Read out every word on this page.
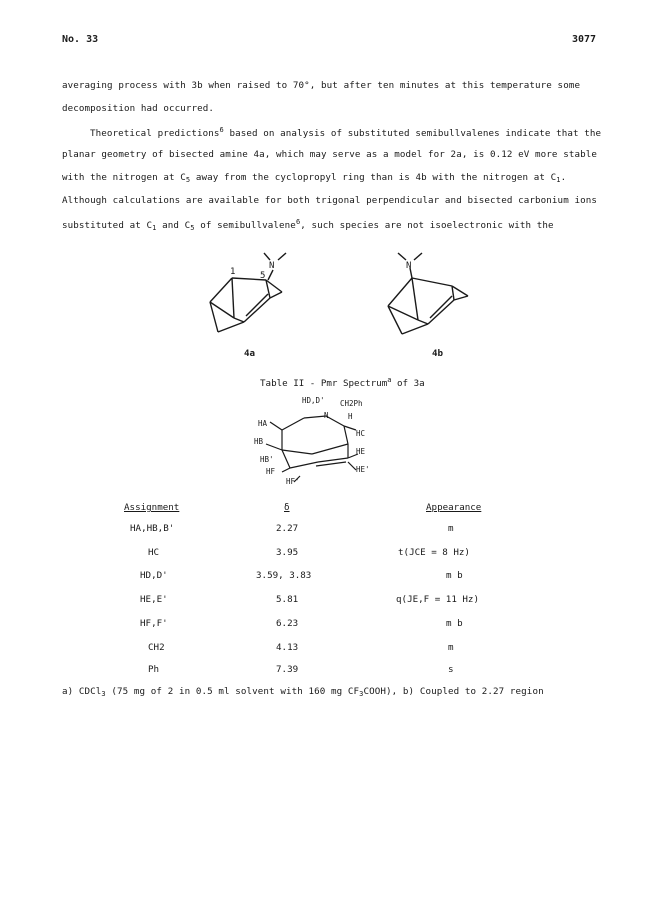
No. 33	3077
averaging process with 3b when raised to 70°, but after ten minutes at this temperature some
decomposition had occurred.
Theoretical predictions$^6$ based on analysis of substituted semibullvalenes indicate that the
planar geometry of bisected amine 4a, which may serve as a model for 2a, is 0.12 eV more stable
with the nitrogen at $C_5$ away from the cyclopropyl ring than is 4b with the nitrogen at $C_1$.
Although calculations are available for both trigonal perpendicular and bisected carbonium ions
substituted at $C_1$ and $C_5$ of semibullvalene$^6$, such species are not isoelectronic with the
N
1	5
4a
N
4b
Table II - Pmr Spectrum$^a$ of 3a
HD,D' CH2Ph
N	H
HA
HC
HB
HE
HB'
HE'
HF
HF'
Assignment	δ	Appearance
HA,HB,B'	2.27	m
HC	3.95	t(JCE = 8 Hz)
HD,D'	3.59, 3.83	m b
HE,E'	5.81	q(JE,F = 11 Hz)
HF,F'	6.23	m b
CH2	4.13	m
Ph	7.39	s
a) CDCl$_3$ (75 mg of 2 in 0.5 ml solvent with 160 mg $CF_3COOH$), b) Coupled to 2.27 region
